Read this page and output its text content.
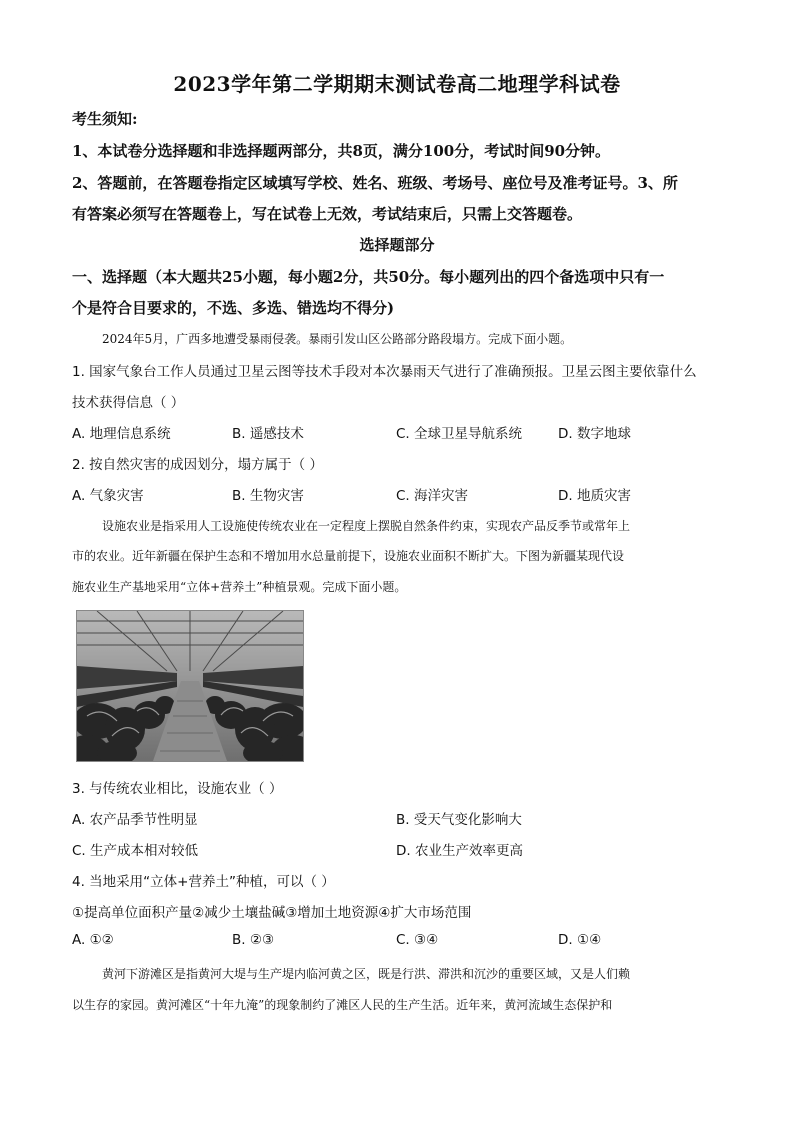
2023学年第二学期期末测试卷高二地理学科试卷
考生须知:
1、本试卷分选择题和非选择题两部分，共8页，满分100分，考试时间90分钟。
2、答题前，在答题卷指定区域填写学校、姓名、班级、考场号、座位号及准考证号。3、所
有答案必须写在答题卷上，写在试卷上无效，考试结束后，只需上交答题卷。
选择题部分
一、选择题（本大题共25小题，每小题2分，共50分。每小题列出的四个备选项中只有一
个是符合目要求的，不选、多选、错选均不得分)
2024年5月，广西多地遭受暴雨侵袭。暴雨引发山区公路部分路段塌方。完成下面小题。
1. 国家气象台工作人员通过卫星云图等技术手段对本次暴雨天气进行了准确预报。卫星云图主要依靠什么
技术获得信息（ ）
A. 地理信息系统	B. 遥感技术	C. 全球卫星导航系统	D. 数字地球
2. 按自然灾害的成因划分，塌方属于（ ）
A. 气象灾害	B. 生物灾害	C. 海洋灾害	D. 地质灾害
设施农业是指采用人工设施使传统农业在一定程度上摆脱自然条件约束，实现农产品反季节或常年上
市的农业。近年新疆在保护生态和不增加用水总量前提下，设施农业面积不断扩大。下图为新疆某现代设
施农业生产基地采用“立体+营养土”种植景观。完成下面小题。
3. 与传统农业相比，设施农业（ ）
A. 农产品季节性明显	B. 受天气变化影响大
C. 生产成本相对较低	D. 农业生产效率更高
4. 当地采用“立体+营养土”种植，可以（ ）
①提高单位面积产量②减少土壤盐碱③增加土地资源④扩大市场范围
A. ①②	B. ②③	C. ③④	D. ①④
黄河下游滩区是指黄河大堤与生产堤内临河黄之区，既是行洪、滞洪和沉沙的重要区域，又是人们赖
以生存的家园。黄河滩区“十年九淹”的现象制约了滩区人民的生产生活。近年来，黄河流域生态保护和
